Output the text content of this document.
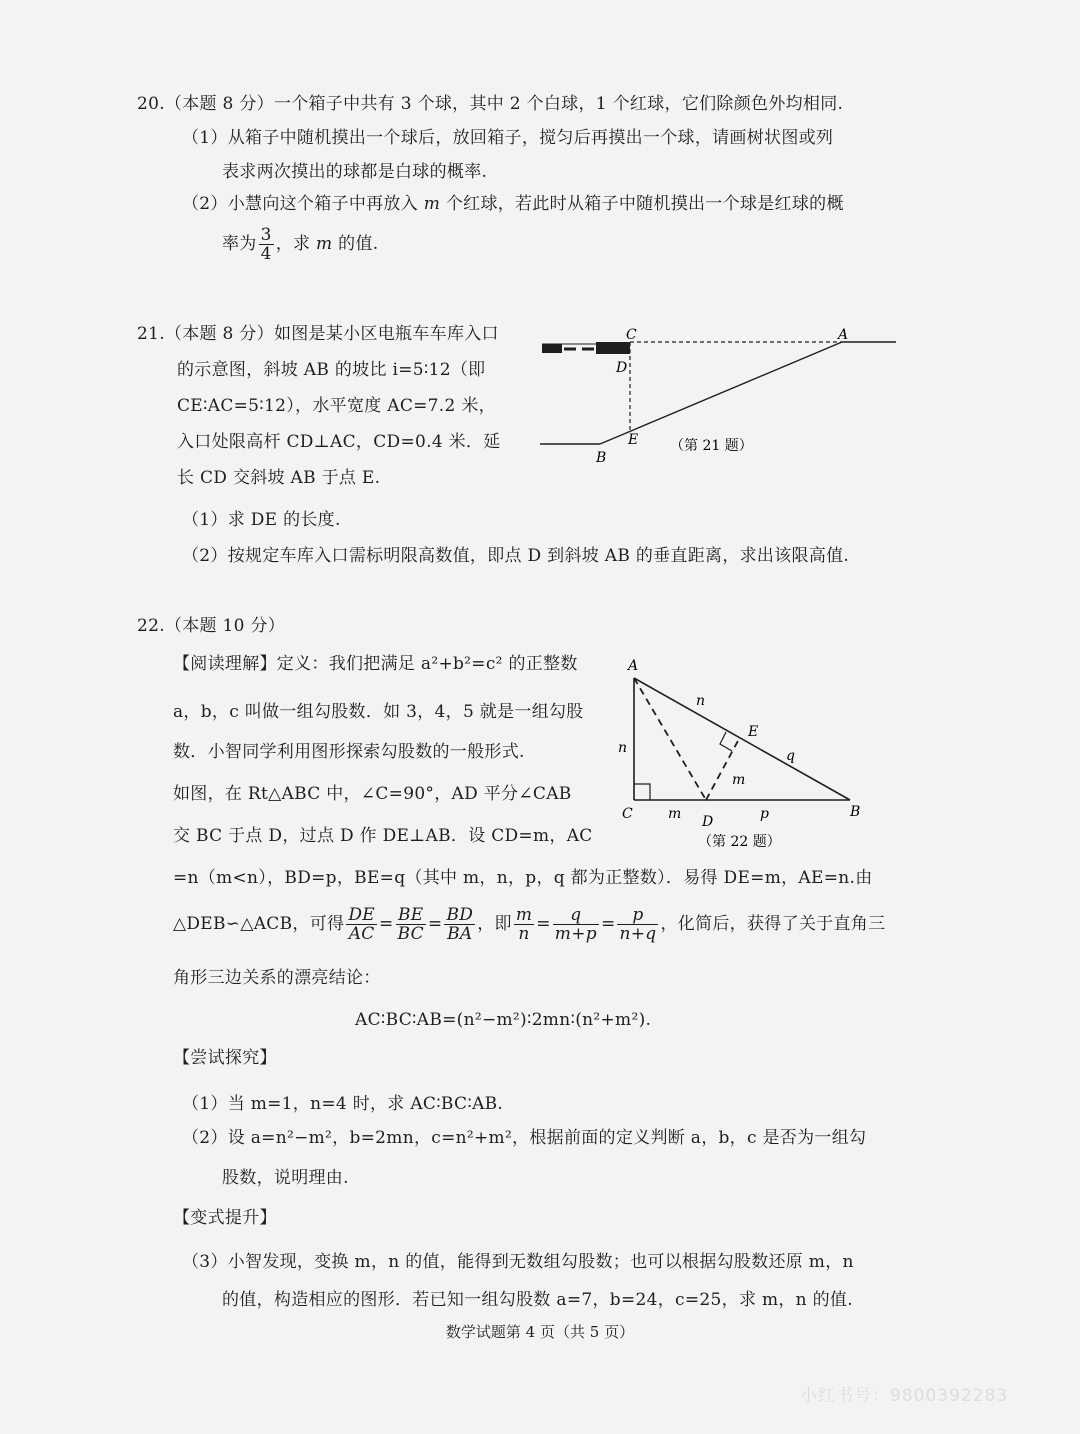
20.（本题 8 分）一个箱子中共有 3 个球，其中 2 个白球，1 个红球，它们除颜色外均相同.
（1）从箱子中随机摸出一个球后，放回箱子，搅匀后再摸出一个球，请画树状图或列
表求两次摸出的球都是白球的概率.
（2）小慧向这个箱子中再放入 m 个红球，若此时从箱子中随机摸出一个球是红球的概
率为 $\frac{3}{4}$ ，求 m 的值.
21.（本题 8 分）如图是某小区电瓶车车库入口
的示意图，斜坡 AB 的坡比 i=5∶12（即
CE∶AC=5∶12），水平宽度 AC=7.2 米，
入口处限高杆 CD⊥AC，CD=0.4 米．延
长 CD 交斜坡 AB 于点 E.
（1）求 DE 的长度.
（2）按规定车库入口需标明限高数值，即点 D 到斜坡 AB 的垂直距离，求出该限高值.
C	A
D
E
B
（第 21 题）
22.（本题 10 分）
【阅读理解】定义：我们把满足 a²+b²=c² 的正整数
a，b，c 叫做一组勾股数．如 3，4，5 就是一组勾股
数．小智同学利用图形探索勾股数的一般形式.
如图，在 Rt△ABC 中，∠C=90°，AD 平分∠CAB
交 BC 于点 D，过点 D 作 DE⊥AB．设 CD=m，AC
=n（m<n），BD=p，BE=q（其中 m，n，p，q 都为正整数）．易得 DE=m，AE=n.由
△DEB∽△ACB，可得 $\frac{DE}{AC} = \frac{BE}{BC} = \frac{BD}{BA}$ ，即 $\frac{m}{n} = \frac{q}{m+p} = \frac{p}{n+q}$ ，化简后，获得了关于直角三
角形三边关系的漂亮结论：
AC∶BC∶AB=(n²−m²)∶2mn∶(n²+m²).
【尝试探究】
（1）当 m=1，n=4 时，求 AC∶BC∶AB.
（2）设 a=n²−m²，b=2mn，c=n²+m²，根据前面的定义判断 a，b，c 是否为一组勾
股数，说明理由.
【变式提升】
（3）小智发现，变换 m，n 的值，能得到无数组勾股数；也可以根据勾股数还原 m，n
的值，构造相应的图形．若已知一组勾股数 a=7，b=24，c=25，求 m，n 的值.
A
C	B
D
E
n
n
m
m	p
q
（第 22 题）
数学试题第 4 页（共 5 页）
小红书号：9800392283
